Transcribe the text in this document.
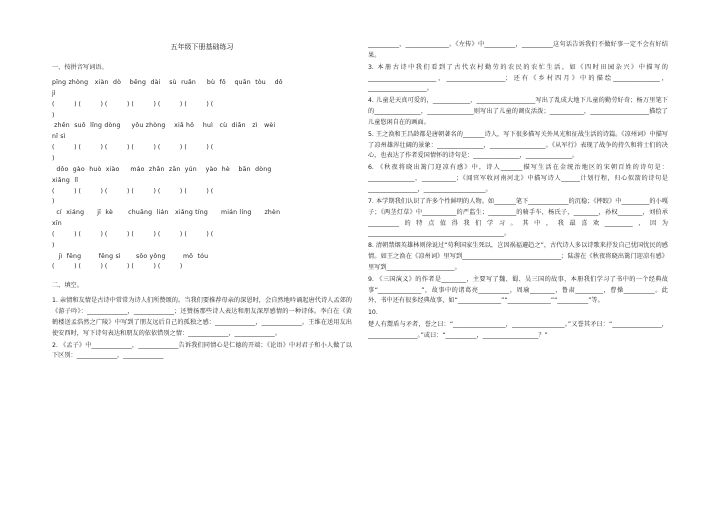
五年级下册基础练习
一、按拼音写词语。
pīng zhòng   xiàn  dò    bēng  dài    sù  ruǎn     bù  fǒ    quān  tòu    dǒ
jì
(          ) (          ) (          ) (          ) (          ) (          ) (
)
zhěn  suǒ  lǐng dòng     yōu zhòng    xiǎ hǒ    huì   cù  diǎn   zì   wèi
nǐ sì
(          ) (          ) (          ) (          ) (          ) (          ) (
)
dǒo  gào  huò  xiào     máo  zhǎn  zān  yún    yào  hè    bān  dòng
xiǎng  lǐ
(          ) (          ) (          ) (          ) (          ) (          ) (
)
cí  xiáng      jī  kè       chuāng  lián   xiǎng tíng      mián líng      zhèn
xīn
(          ) (          ) (          ) (          ) (          ) (          ) (
)
jì  fěng        fēng sì       sōo yǒng        mǒ  tóu
(          ) (          ) (          ) (          ) (          )
二、填空。
1. 亲情和友情是古诗中常常为诗人们所赞颂的。当我们要推荐母亲的深恩时，会自然地吟诵起唐代诗人孟郊的《游子吟》：_____________，_____________；还赞扬那些诗人表达和朋友深厚感情的一种诗体。李白在《黄鹤楼送孟浩然之广陵》中写到了朋友远后自己的孤独之感：_____________，_____________。王维在送用友出使安西时，写下诗句表达和朋友的依依惜别之情：_____________，_____________。
2. 《孟子》中_____________，_____________告诉我们同情心是仁德的开端；《论语》中对君子和小人做了以下区别：_____________，_____________
__________，______________。《左传》中__________，__________这句话告诉我们不做好事一定不会有好结果。
3. 本册古诗中我们看到了古代农村勤劳的农民的农忙生活，如《四时田园杂兴》中描写的______________________，___________________；还有《乡村四月》中的描绘_______________，___________________。
4. 儿童是天真可爱的，____________，___________________写出了乱成大地下儿童的勤劳好奇；杨万里笔下的_______________，_______________则写出了儿童的调皮活泼；___________，___________________描绘了儿童悠闲自在的画面。
5. 王之涣和王昌龄都是唐朝著名的_______诗人，写下很多描写关外风光和征战生活的诗篇。《凉州词》中描写了凉州雄浑壮阔的景象：_______________，__________________。《从军行》表现了战争的持久和将士们的决心，也表达了作者爱国情怀的诗句是：_______________，_______________。
6. 《秋夜将晓出篱门迎凉有感》中，诗人_______描写生活在金统治地区的宋朝百姓的诗句是：_______________，___________；《闻官军收河南河北》中描写诗人______计划行程，归心似箭的诗句是________________，____________________。
7. 本学期我们认识了许多个性鲜明的人物。如_______笔下_____________的沉稳；《摔跤》中_________的小嘎子；《两茎灯草》中___________的严监生；_________的骑手车，杨氏子，________，孙权________，刘伯承__________的特点值得我们学习。其中，我最喜欢_________，因为____________________________________________。
8. 清朝禁烟英雄林则徐说过“苟利国家生死以，岂因祸福避趋之”，古代诗人多以诗歌来抒发自己忧国忧民的感情。如王之涣在《凉州词》里写到________________________________；陆游在《秋夜将晓出篱门迎凉有感》里写到______________________。
9. 《三国演义》的作者是________，主要写了魏、蜀、吴三国的故事，本册我们学习了书中的一个经典故事“______________”，故事中的诸葛亮__________，周瑜________，鲁肃_________，曹操__________。此外，书中还有很多经典故事，如“______________”“______________”“__________”等。
10.
楚人有鬻盾与矛者，誉之曰：“_________________，_________________。”又誉其矛曰：“________________，________________。”或曰：“__________，__________________？”
